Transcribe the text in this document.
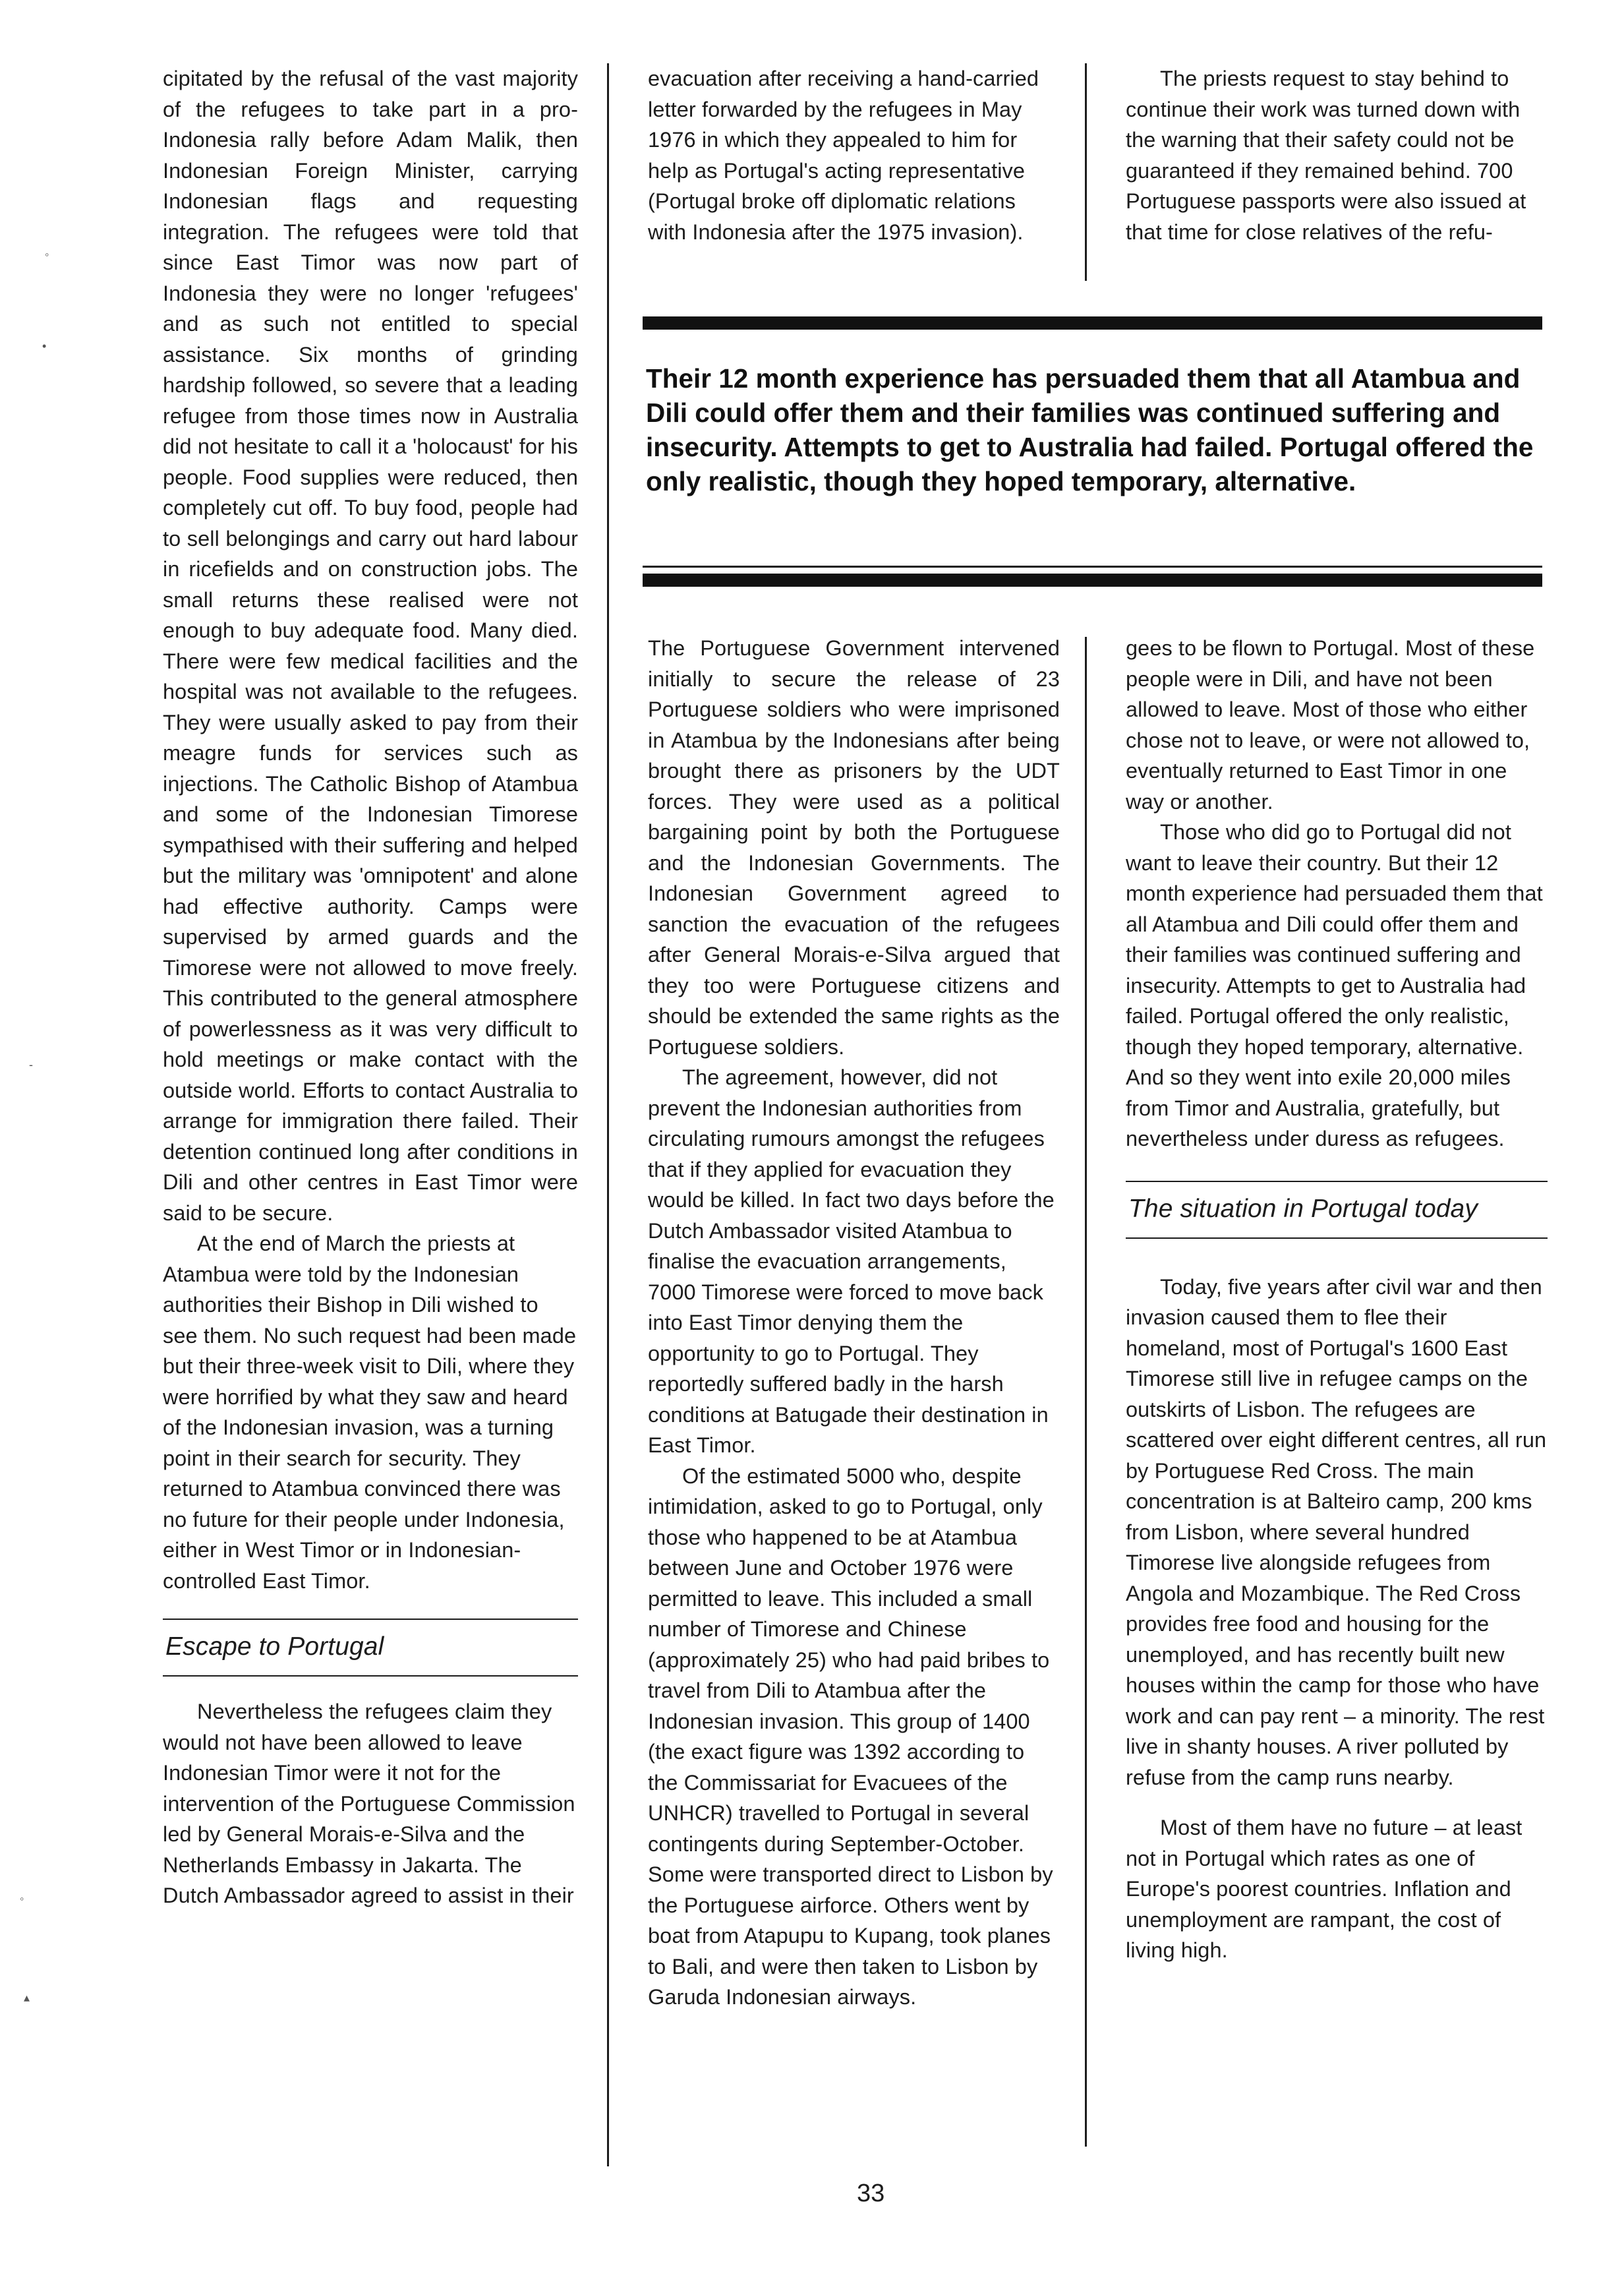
cipitated by the refusal of the vast majority of the refugees to take part in a pro-Indonesia rally before Adam Malik, then Indonesian Foreign Minister, carrying Indonesian flags and requesting integration. The refugees were told that since East Timor was now part of Indonesia they were no longer 'refugees' and as such not entitled to special assistance. Six months of grinding hardship followed, so severe that a leading refugee from those times now in Australia did not hesitate to call it a 'holocaust' for his people. Food supplies were reduced, then completely cut off. To buy food, people had to sell belongings and carry out hard labour in ricefields and on construction jobs. The small returns these realised were not enough to buy adequate food. Many died. There were few medical facilities and the hospital was not available to the refugees. They were usually asked to pay from their meagre funds for services such as injections. The Catholic Bishop of Atambua and some of the Indonesian Timorese sympathised with their suffering and helped but the military was 'omnipotent' and alone had effective authority. Camps were supervised by armed guards and the Timorese were not allowed to move freely. This contributed to the general atmosphere of powerlessness as it was very difficult to hold meetings or make contact with the outside world. Efforts to contact Australia to arrange for immigration there failed. Their detention continued long after conditions in Dili and other centres in East Timor were said to be secure.

At the end of March the priests at Atambua were told by the Indonesian authorities their Bishop in Dili wished to see them. No such request had been made but their three-week visit to Dili, where they were horrified by what they saw and heard of the Indonesian invasion, was a turning point in their search for security. They returned to Atambua convinced there was no future for their people under Indonesia, either in West Timor or in Indonesian-controlled East Timor.

Escape to Portugal

Nevertheless the refugees claim they would not have been allowed to leave Indonesian Timor were it not for the intervention of the Portuguese Commission led by General Morais-e-Silva and the Netherlands Embassy in Jakarta. The Dutch Ambassador agreed to assist in their

evacuation after receiving a hand-carried letter forwarded by the refugees in May 1976 in which they appealed to him for help as Portugal's acting representative (Portugal broke off diplomatic relations with Indonesia after the 1975 invasion).

The priests request to stay behind to continue their work was turned down with the warning that their safety could not be guaranteed if they remained behind. 700 Portuguese passports were also issued at that time for close relatives of the refu-

Their 12 month experience has persuaded them that all Atambua and Dili could offer them and their families was continued suffering and insecurity. Attempts to get to Australia had failed. Portugal offered the only realistic, though they hoped temporary, alternative.

The Portuguese Government intervened initially to secure the release of 23 Portuguese soldiers who were imprisoned in Atambua by the Indonesians after being brought there as prisoners by the UDT forces. They were used as a political bargaining point by both the Portuguese and the Indonesian Governments. The Indonesian Government agreed to sanction the evacuation of the refugees after General Morais-e-Silva argued that they too were Portuguese citizens and should be extended the same rights as the Portuguese soldiers.

The agreement, however, did not prevent the Indonesian authorities from circulating rumours amongst the refugees that if they applied for evacuation they would be killed. In fact two days before the Dutch Ambassador visited Atambua to finalise the evacuation arrangements, 7000 Timorese were forced to move back into East Timor denying them the opportunity to go to Portugal. They reportedly suffered badly in the harsh conditions at Batugade their destination in East Timor.

Of the estimated 5000 who, despite intimidation, asked to go to Portugal, only those who happened to be at Atambua between June and October 1976 were permitted to leave. This included a small number of Timorese and Chinese (approximately 25) who had paid bribes to travel from Dili to Atambua after the Indonesian invasion. This group of 1400 (the exact figure was 1392 according to the Commissariat for Evacuees of the UNHCR) travelled to Portugal in several contingents during September-October. Some were transported direct to Lisbon by the Portuguese airforce. Others went by boat from Atapupu to Kupang, took planes to Bali, and were then taken to Lisbon by Garuda Indonesian airways.

gees to be flown to Portugal. Most of these people were in Dili, and have not been allowed to leave. Most of those who either chose not to leave, or were not allowed to, eventually returned to East Timor in one way or another.

Those who did go to Portugal did not want to leave their country. But their 12 month experience had persuaded them that all Atambua and Dili could offer them and their families was continued suffering and insecurity. Attempts to get to Australia had failed. Portugal offered the only realistic, though they hoped temporary, alternative. And so they went into exile 20,000 miles from Timor and Australia, gratefully, but nevertheless under duress as refugees.

The situation in Portugal today

Today, five years after civil war and then invasion caused them to flee their homeland, most of Portugal's 1600 East Timorese still live in refugee camps on the outskirts of Lisbon. The refugees are scattered over eight different centres, all run by Portuguese Red Cross. The main concentration is at Balteiro camp, 200 kms from Lisbon, where several hundred Timorese live alongside refugees from Angola and Mozambique. The Red Cross provides free food and housing for the unemployed, and has recently built new houses within the camp for those who have work and can pay rent – a minority. The rest live in shanty houses. A river polluted by refuse from the camp runs nearby.

Most of them have no future – at least not in Portugal which rates as one of Europe's poorest countries. Inflation and unemployment are rampant, the cost of living high.

33
◦
•
-
◦
▴
